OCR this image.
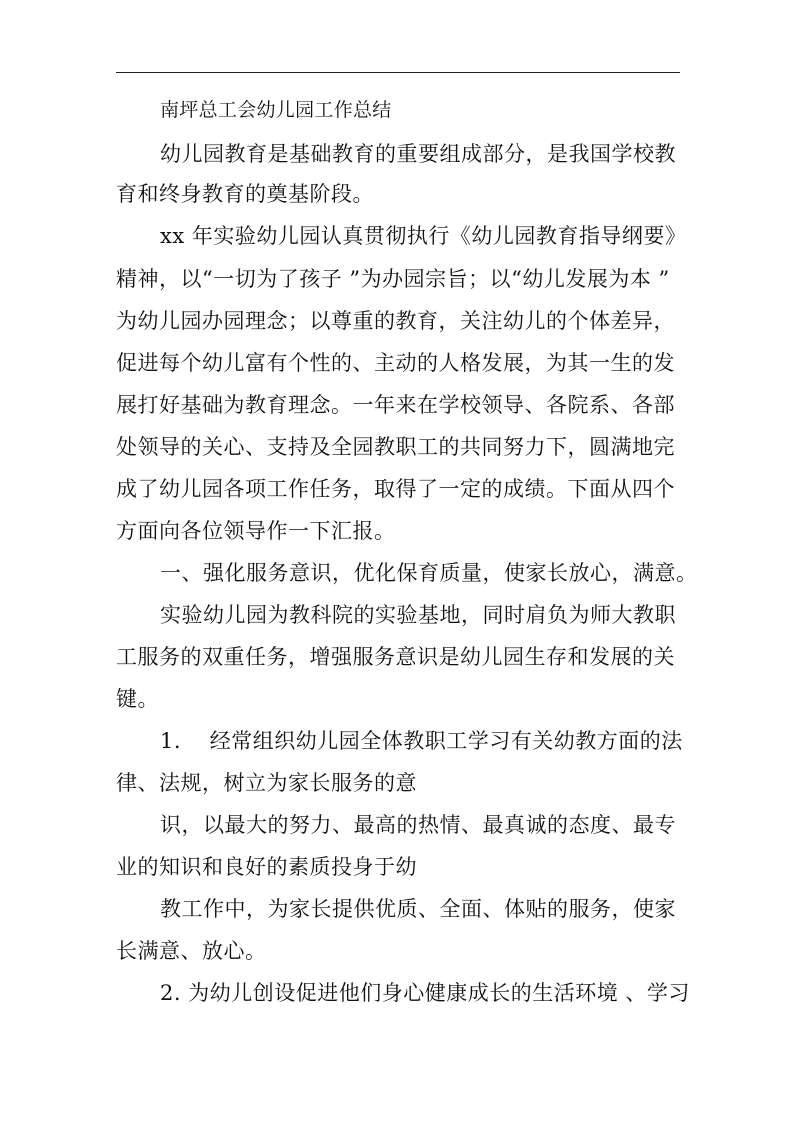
南坪总工会幼儿园工作总结
幼儿园教育是基础教育的重要组成部分，是我国学校教
育和终身教育的奠基阶段。
xx 年实验幼儿园认真贯彻执行《幼儿园教育指导纲要》
精神，以“一切为了孩子 ”为办园宗旨；以“幼儿发展为本 ”
为幼儿园办园理念；以尊重的教育，关注幼儿的个体差异，
促进每个幼儿富有个性的、主动的人格发展，为其一生的发
展打好基础为教育理念。一年来在学校领导、各院系、各部
处领导的关心、支持及全园教职工的共同努力下，圆满地完
成了幼儿园各项工作任务，取得了一定的成绩。下面从四个
方面向各位领导作一下汇报。
一、强化服务意识，优化保育质量，使家长放心，满意。
实验幼儿园为教科院的实验基地，同时肩负为师大教职
工服务的双重任务，增强服务意识是幼儿园生存和发展的关
键。
1.　 经常组织幼儿园全体教职工学习有关幼教方面的法
律、法规，树立为家长服务的意
识，以最大的努力、最高的热情、最真诚的态度、最专
业的知识和良好的素质投身于幼
教工作中，为家长提供优质、全面、体贴的服务，使家
长满意、放心。
2. 为幼儿创设促进他们身心健康成长的生活环境 、学习
